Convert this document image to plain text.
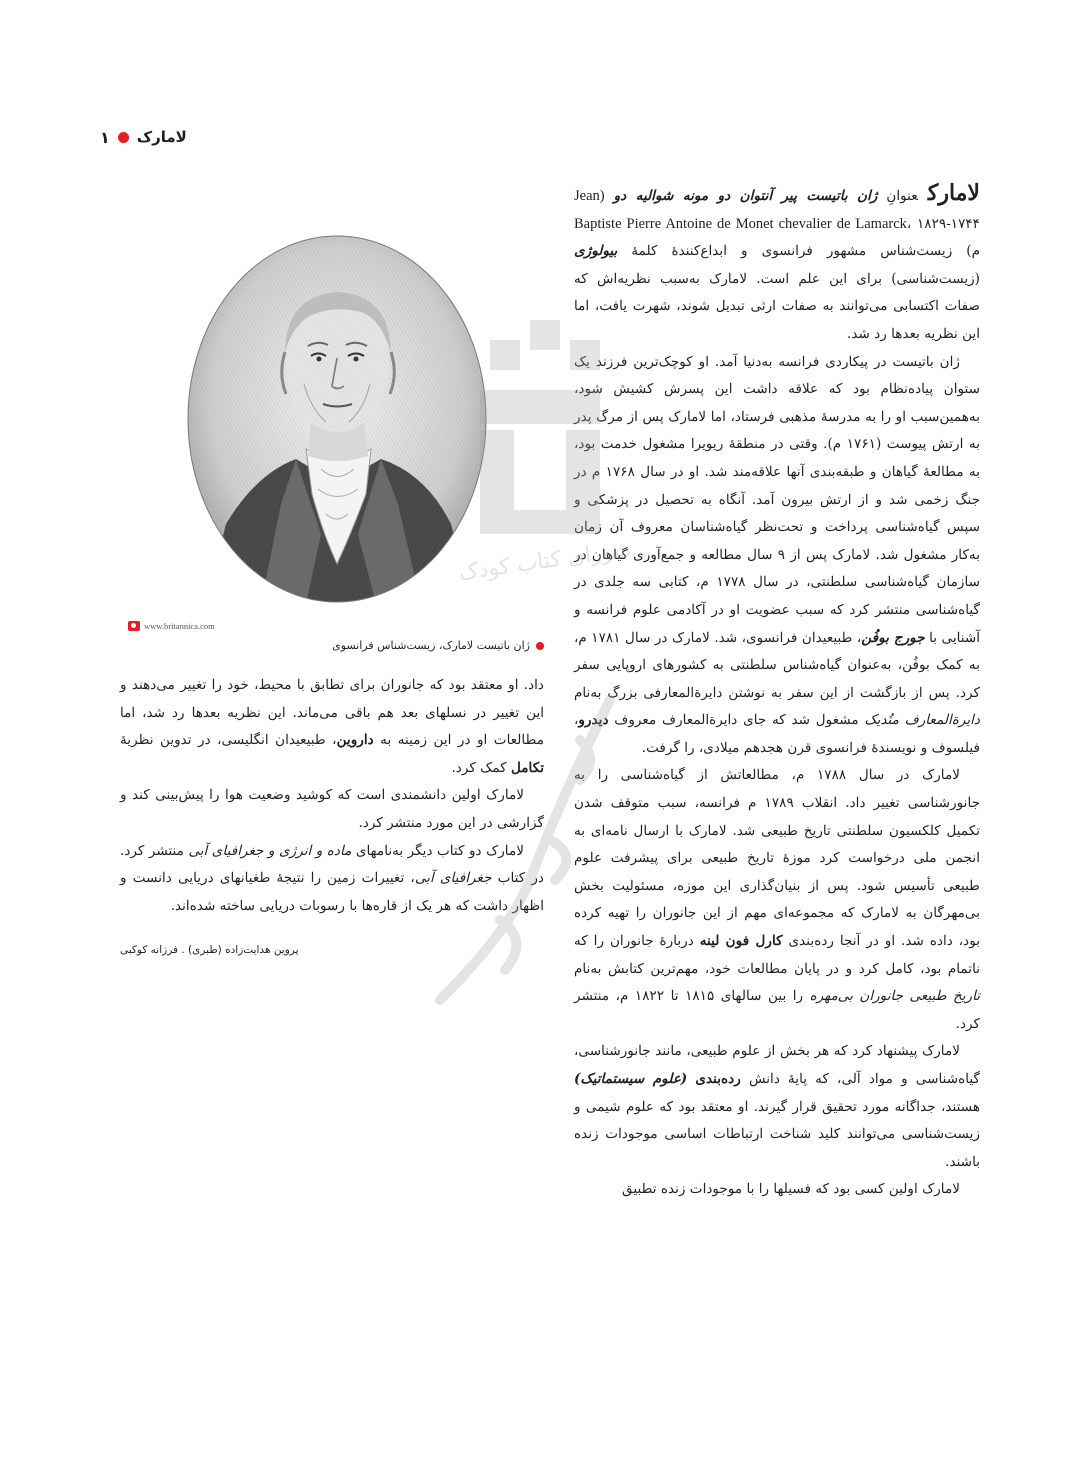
لامارک
۱

لامارکعنوانِ ژان باتیست پیر آنتوان دو مونه شوالیه دو Jean) Baptiste Pierre Antoine de Monet chevalier de Lamarck، ۱۸۲۹-۱۷۴۴ م) زیست‌شناس مشهور فرانسوی و ابداع‌کنندهٔ کلمهٔ بیولوژی (زیست‌شناسی) برای این علم است. لامارک به‌سبب نظریه‌اش که صفات اکتسابی می‌توانند به صفات ارثی تبدیل شوند، شهرت یافت، اما این نظریه بعدها رد شد.

ژان باتیست در پیکاردی فرانسه به‌دنیا آمد. او کوچک‌ترین فرزند یک ستوان پیاده‌نظام بود که علاقه داشت این پسرش کشیش شود، به‌همین‌سبب او را به مدرسهٔ مذهبی فرستاد، اما لامارک پس از مرگ پدر به ارتش پیوست (۱۷۶۱ م). وقتی در منطقهٔ ریویرا مشغول خدمت بود، به مطالعهٔ گیاهان و طبقه‌بندی آنها علاقه‌مند شد. او در سال ۱۷۶۸ م در جنگ زخمی شد و از ارتش بیرون آمد. آنگاه به تحصیل در پزشکی و سپس گیاه‌شناسی پرداخت و تحت‌نظر گیاه‌شناسان معروف آن زمان به‌کار مشغول شد. لامارک پس از ۹ سال مطالعه و جمع‌آوری گیاهان در سازمان گیاه‌شناسی سلطنتی، در سال ۱۷۷۸ م، کتابی سه جلدی در گیاه‌شناسی منتشر کرد که سبب عضویت او در آکادمی علوم فرانسه و آشنایی با جورج بوفُن، طبیعیدان فرانسوی، شد. لامارک در سال ۱۷۸۱ م، به کمک بوفُن، به‌عنوان گیاه‌شناس سلطنتی به کشورهای اروپایی سفر کرد. پس از بازگشت از این سفر به نوشتن دایرةالمعارفی بزرگ به‌نام دایرةالمعارف متُدیک مشغول شد که جای دایرةالمعارف معروف دیدرو، فیلسوف و نویسندهٔ فرانسوی قرن هجدهم میلادی، را گرفت.

لامارک در سال ۱۷۸۸ م، مطالعاتش از گیاه‌شناسی را به جانورشناسی تغییر داد. انقلاب ۱۷۸۹ م فرانسه، سبب متوقف شدن تکمیل کلکسیون سلطنتی تاریخ طبیعی شد. لامارک با ارسال نامه‌ای به انجمن ملی درخواست کرد موزهٔ تاریخ طبیعی برای پیشرفت علوم طبیعی تأسیس شود. پس از بنیان‌گذاری این موزه، مسئولیت بخش بی‌مهرگان به لامارک که مجموعه‌ای مهم از این جانوران را تهیه کرده بود، داده شد. او در آنجا رده‌بندی کارل فون لینه دربارهٔ جانوران را که ناتمام بود، کامل کرد و در پایان مطالعات خود، مهم‌ترین کتابش به‌نام تاریخ طبیعی جانوران بی‌مهره را بین سالهای ۱۸۱۵ تا ۱۸۲۲ م، منتشر کرد.

لامارک پیشنهاد کرد که هر بخش از علوم طبیعی، مانند جانورشناسی، گیاه‌شناسی و مواد آلی، که پایهٔ دانش رده‌بندی (علوم سیستماتیک) هستند، جداگانه مورد تحقیق قرار گیرند. او معتقد بود که علوم شیمی و زیست‌شناسی می‌توانند کلید شناخت ارتباطات اساسی موجودات زنده باشند.

لامارک اولین کسی بود که فسیلها را با موجودات زنده تطبیق

www.britannica.com
ژان باتیست لامارک، زیست‌شناس فرانسوی

داد. او معتقد بود که جانوران برای تطابق با محیط، خود را تغییر می‌دهند و این تغییر در نسلهای بعد هم باقی می‌ماند. این نظریه بعدها رد شد، اما مطالعات او در این زمینه به داروین، طبیعیدان انگلیسی، در تدوین نظریهٔ تکامل کمک کرد.

لامارک اولین دانشمندی است که کوشید وضعیت هوا را پیش‌بینی کند و گزارشی در این مورد منتشر کرد.

لامارک دو کتاب دیگر به‌نامهای ماده و انرژی و جغرافیای آبی منتشر کرد. در کتاب جغرافیای آبی، تغییرات زمین را نتیجهٔ طغیانهای دریایی دانست و اظهار داشت که هر یک از قاره‌ها با رسوبات دریایی ساخته شده‌اند.

پروین هدایت‌زاده (طبری) . فرزانه کوکبی
شورای کتاب کودک
